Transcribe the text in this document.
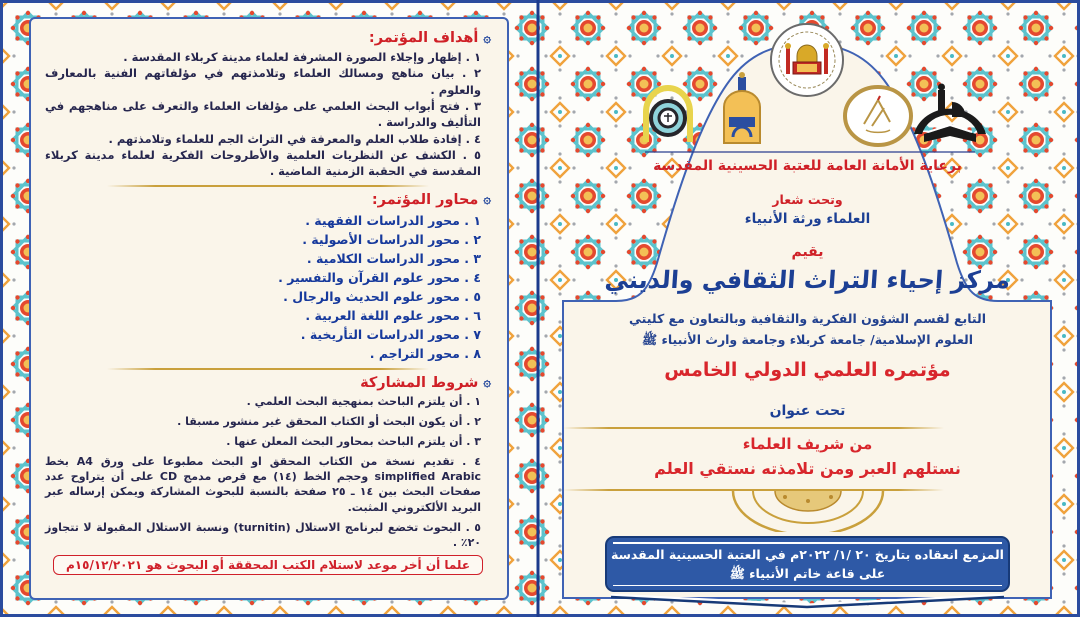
۞
أهداف المؤتمر:
١ . إظهار وإجلاء الصورة المشرفة لعلماء مدينة كربلاء المقدسة .
٢ . بيان مناهج ومسالك العلماء وتلامذتهم في مؤلفاتهم الفنية بالمعارف والعلوم .
٣ . فتح أبواب البحث العلمي على مؤلفات العلماء والتعرف على مناهجهم في التأليف والدراسة .
٤ . إفادة طلاب العلم والمعرفة في التراث الجم للعلماء وتلامذتهم .
٥ . الكشف عن النظريات العلمية والأطروحات الفكرية لعلماء مدينة كربلاء المقدسة في الحقبة الزمنية الماضية .
۞
محاور المؤتمر:
١ . محور الدراسات الفقهية .
٢ . محور الدراسات الأصولية .
٣ . محور الدراسات الكلامية .
٤ . محور علوم القرآن والتفسير .
٥ . محور علوم الحديث والرجال .
٦ . محور علوم اللغة العربية .
٧ . محور الدراسات التأريخية .
٨ . محور التراجم .
۞
شروط المشاركة
١ . أن يلتزم الباحث بمنهجية البحث العلمي .
٢ . أن يكون البحث أو الكتاب المحقق غير منشور مسبقا .
٣ . أن يلتزم الباحث بمحاور البحث المعلن عنها .
٤ . تقديم نسخة من الكتاب المحقق او البحث مطبوعا على ورق A4 بخط simplified Arabic وحجم الخط (١٤) مع قرص مدمج CD على أن يتراوح عدد صفحات البحث بين ١٤ ـ ٢٥ صفحة بالنسبة للبحوث المشاركة ويمكن إرساله عبر البريد الألكتروني المثبت.
٥ . البحوث تخضع لبرنامج الاستلال (turnitin) ونسبة الاستلال المقبولة لا تتجاوز ٢٠٪ .
علما أن أخر موعد لاستلام الكتب المحققة أو البحوث هو ١٥/١٢/٢٠٢١م
برعاية الأمانة العامة للعتبة الحسينية المقدسة
وتحت شعار
العلماء ورثة الأنبياء
يقيم
مركز إحياء التراث الثقافي والديني
التابع لقسم الشؤون الفكرية والثقافية وبالتعاون مع كليتي
العلوم الإسلامية/ جامعة كربلاء وجامعة وارث الأنبياء ﷺ
مؤتمره العلمي الدولي الخامس
تحت عنوان
من شريف العلماء
نستلهم العبر ومن تلامذته نستقي العلم
المزمع انعقاده بتاريخ ٢٠ /١/ ٢٠٢٢م في العتبة الحسينية المقدسة
على قاعة خاتم الأنبياء ﷺ
